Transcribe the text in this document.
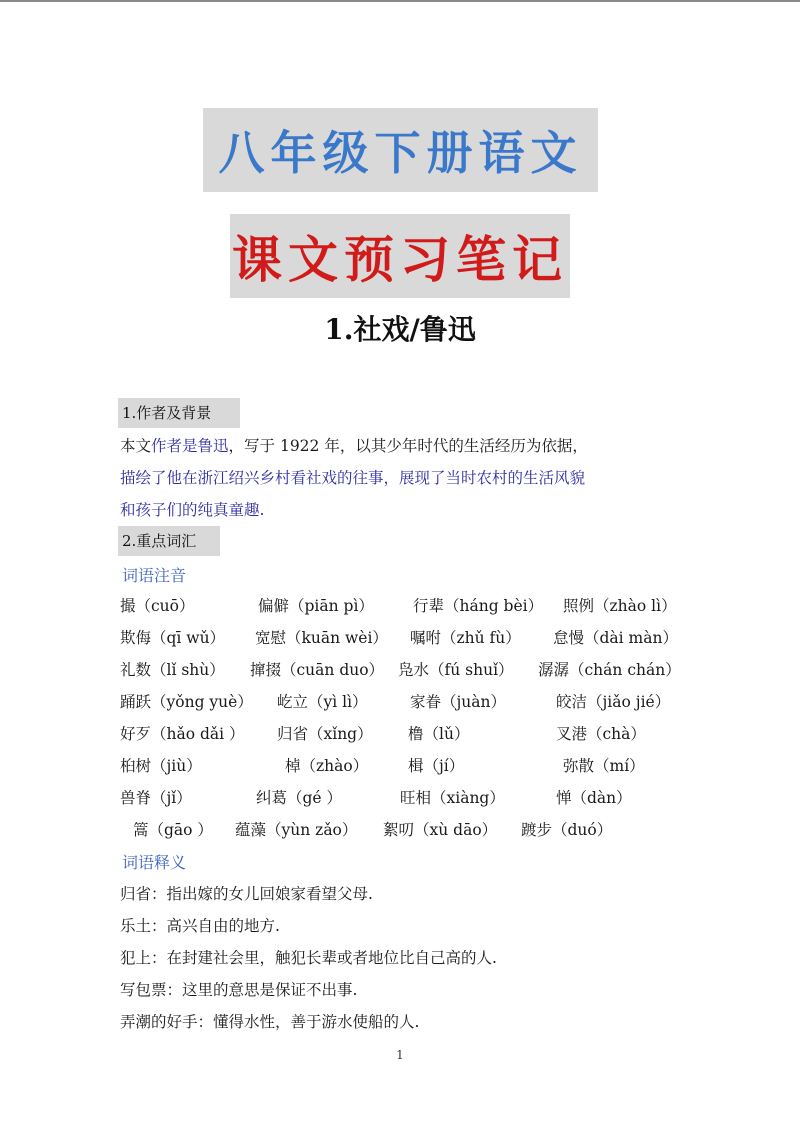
八年级下册语文
课文预习笔记
1.社戏/鲁迅
1.作者及背景
本文作者是鲁迅，写于 1922 年，以其少年时代的生活经历为依据，
描绘了他在浙江绍兴乡村看社戏的往事，展现了当时农村的生活风貌
和孩子们的纯真童趣.
2.重点词汇
词语注音
撮（cuō）	偏僻（piān pì）	行辈（háng bèi） 照例（zhào lì）
欺侮（qī wǔ） 宽慰（kuān wèi） 嘱咐（zhǔ fù） 怠慢（dài màn）
礼数（lǐ shù） 撺掇（cuān duo） 凫水（fú shuǐ） 潺潺（chán chán）
踊跃（yǒng yuè） 屹立（yì lì）	家眷（juàn）	皎洁（jiǎo jié）
好歹（hǎo dǎi ） 归省（xǐng） 橹（lǔ）	叉港（chà）
桕树（jiù）	棹（zhào）	楫（jí）	弥散（mí）
兽脊（jǐ）	纠葛（gé ）	旺相（xiàng）	惮（dàn）
篙（gāo ） 蕴藻（yùn zǎo） 絮叨（xù dāo） 踱步（duó）
词语释义
归省：指出嫁的女儿回娘家看望父母.
乐土：高兴自由的地方.
犯上：在封建社会里，触犯长辈或者地位比自己高的人.
写包票：这里的意思是保证不出事.
弄潮的好手：懂得水性，善于游水使船的人.
1
